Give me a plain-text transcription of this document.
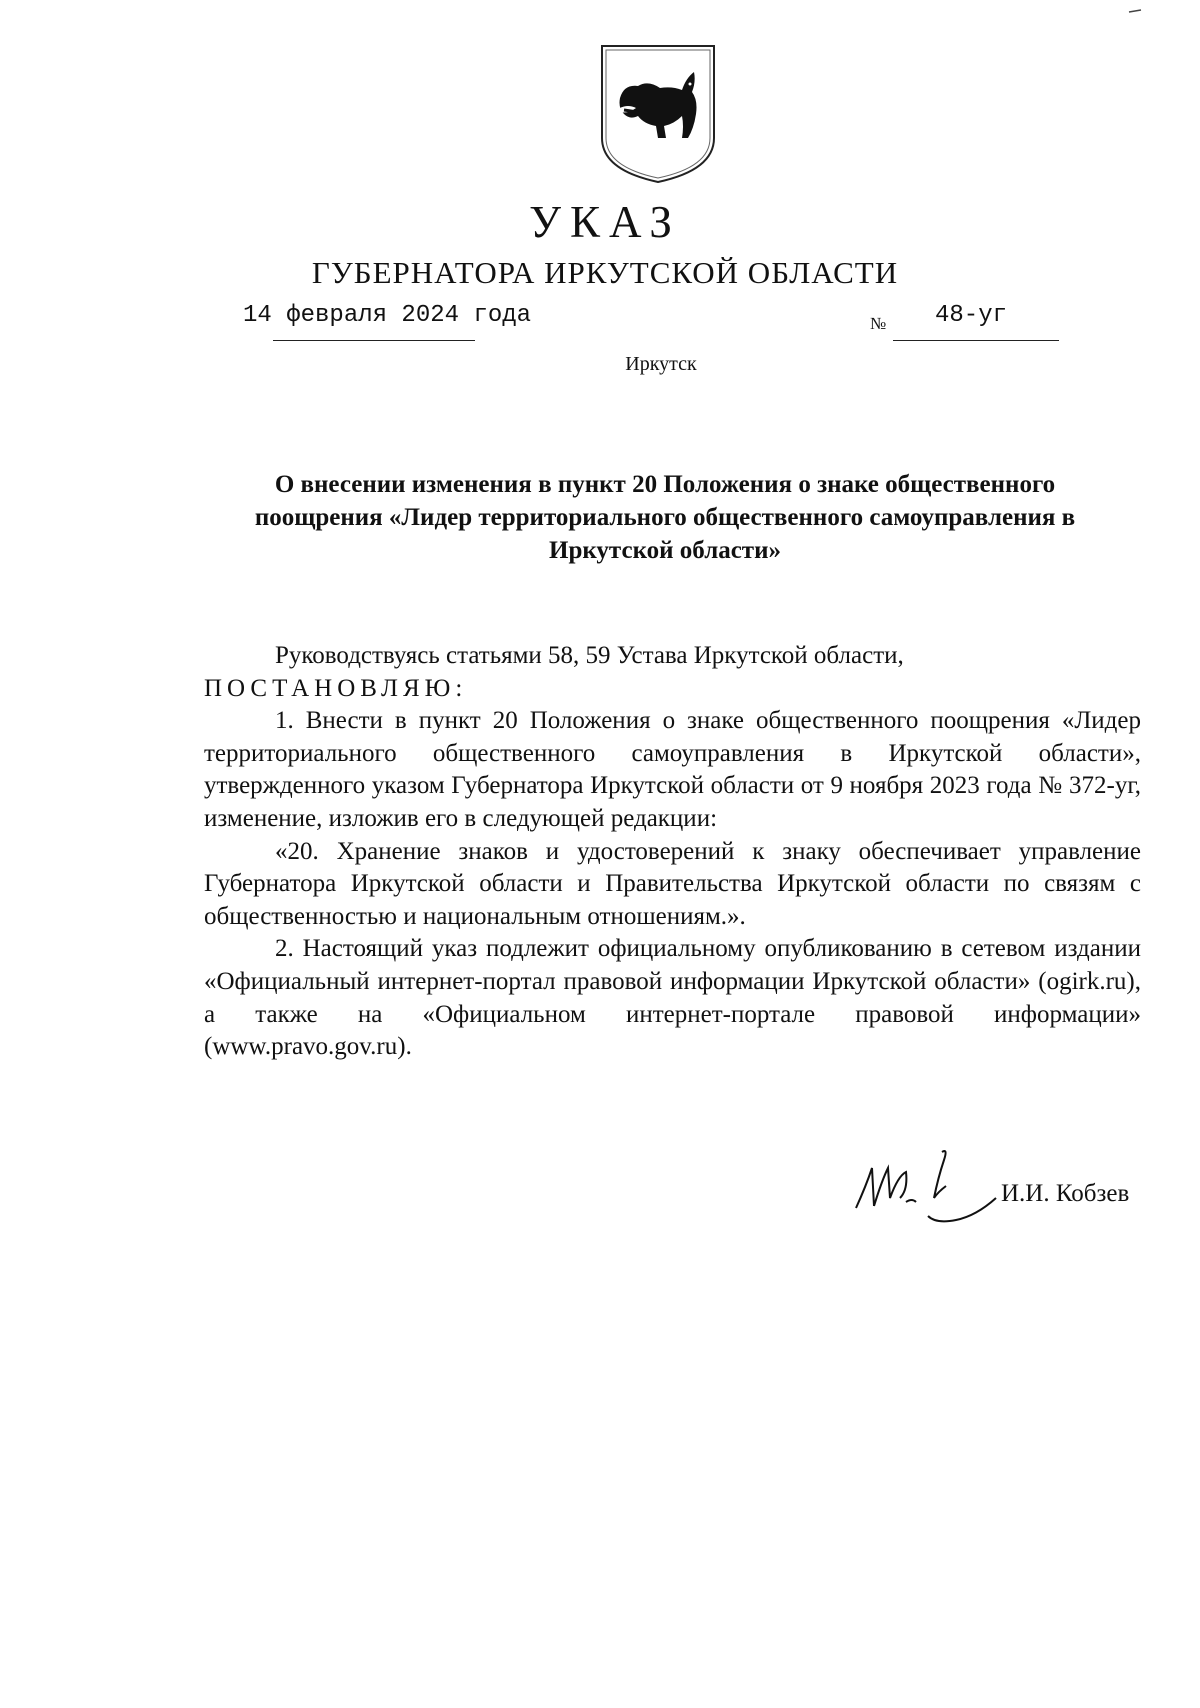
УКАЗ
ГУБЕРНАТОРА ИРКУТСКОЙ ОБЛАСТИ
14 февраля 2024 года	№ 48-уг
Иркутск
О внесении изменения в пункт 20 Положения о знаке общественного
поощрения «Лидер территориального общественного самоуправления в
Иркутской области»

Руководствуясь статьями 58, 59 Устава Иркутской области,

ПОСТАНОВЛЯЮ:

1. Внести в пункт 20 Положения о знаке общественного поощрения «Лидер территориального общественного самоуправления в Иркутской области», утвержденного указом Губернатора Иркутской области от 9 ноября 2023 года № 372-уг, изменение, изложив его в следующей редакции:

«20. Хранение знаков и удостоверений к знаку обеспечивает управление Губернатора Иркутской области и Правительства Иркутской области по связям с общественностью и национальным отношениям.».

2. Настоящий указ подлежит официальному опубликованию в сетевом издании «Официальный интернет-портал правовой информации Иркутской области» (ogirk.ru), а также на «Официальном интернет-портале правовой информации» (www.pravo.gov.ru).

И.И. Кобзев
